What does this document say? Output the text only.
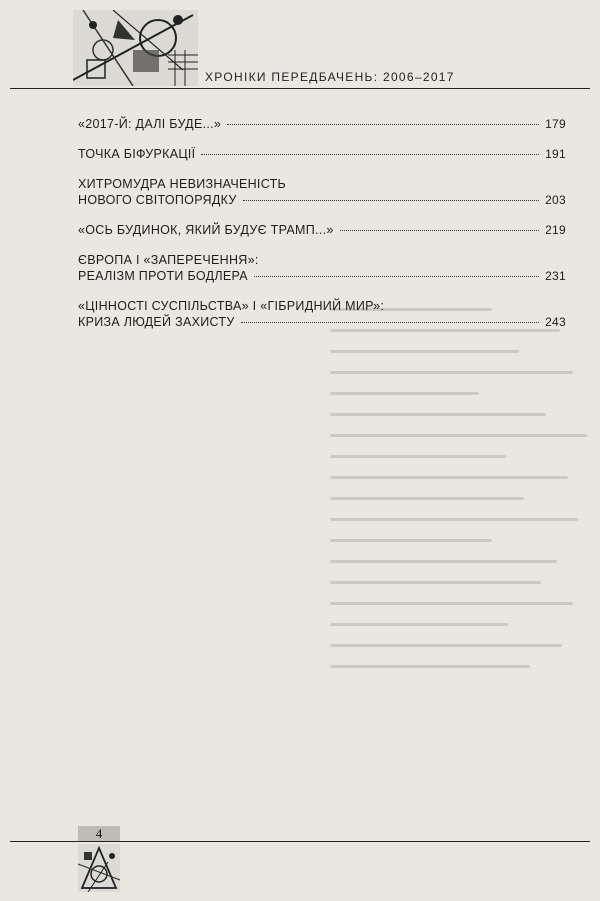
ХРОНІКИ ПЕРЕДБАЧЕНЬ: 2006–2017
«2017-Й: ДАЛІ БУДЕ...»	179
ТОЧКА БІФУРКАЦІЇ	191
ХИТРОМУДРА НЕВИЗНАЧЕНІСТЬ
НОВОГО СВІТОПОРЯДКУ	203
«ОСЬ БУДИНОК, ЯКИЙ БУДУЄ ТРАМП...»	219
ЄВРОПА І «ЗАПЕРЕЧЕННЯ»:
РЕАЛІЗМ ПРОТИ БОДЛЕРА	231
«ЦІННОСТІ СУСПІЛЬСТВА» І «ГІБРИДНИЙ МИР»:
КРИЗА ЛЮДЕЙ ЗАХИСТУ	243
4
